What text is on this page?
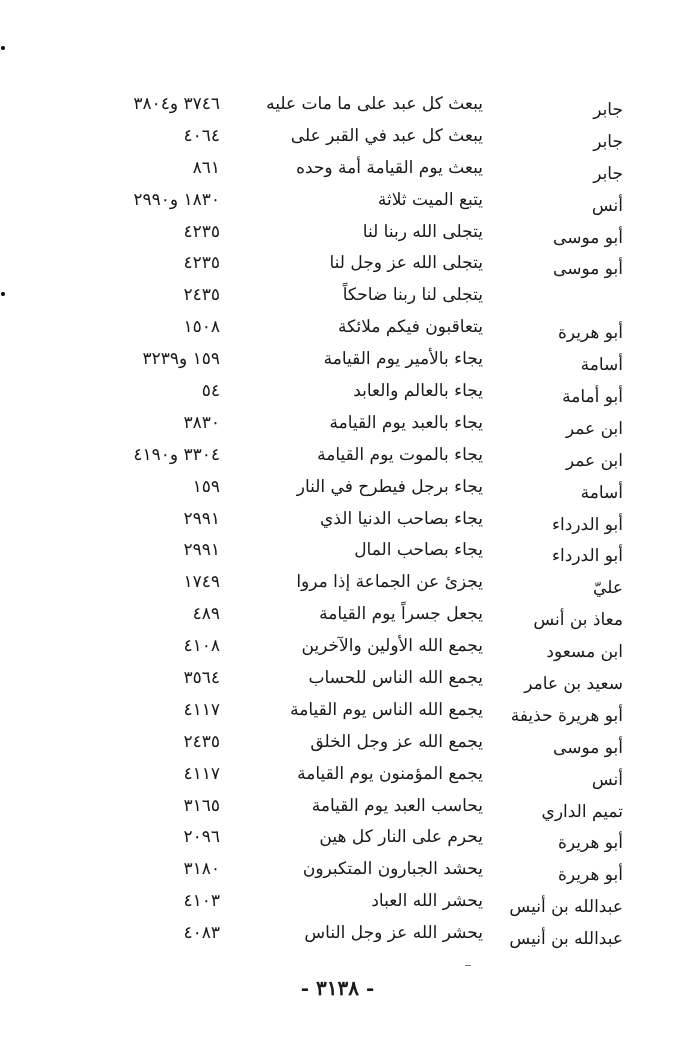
جابر
يبعث كل عبد على ما مات عليه
٣٧٤٦ و٣٨٠٤
جابر
يبعث كل عبد في القبر على
٤٠٦٤
جابر
يبعث يوم القيامة أمة وحده
٨٦١
أنس
يتبع الميت ثلاثة
١٨٣٠ و٢٩٩٠
أبو موسى
يتجلى الله ربنا لنا
٤٢٣٥
أبو موسى
يتجلى الله عز وجل لنا
٤٢٣٥
يتجلى لنا ربنا ضاحكاً
٢٤٣٥
أبو هريرة
يتعاقبون فيكم ملائكة
١٥٠٨
أسامة
يجاء بالأمير يوم القيامة
١٥٩ و٣٢٣٩
أبو أمامة
يجاء بالعالم والعابد
٥٤
ابن عمر
يجاء بالعبد يوم القيامة
٣٨٣٠
ابن عمر
يجاء بالموت يوم القيامة
٣٣٠٤ و٤١٩٠
أسامة
يجاء برجل فيطرح في النار
١٥٩
أبو الدرداء
يجاء بصاحب الدنيا الذي
٢٩٩١
أبو الدرداء
يجاء بصاحب المال
٢٩٩١
عليّ
يجزئ عن الجماعة إذا مروا
١٧٤٩
معاذ بن أنس
يجعل جسراً يوم القيامة
٤٨٩
ابن مسعود
يجمع الله الأولين والآخرين
٤١٠٨
سعيد بن عامر
يجمع الله الناس للحساب
٣٥٦٤
أبو هريرة حذيفة
يجمع الله الناس يوم القيامة
٤١١٧
أبو موسى
يجمع الله عز وجل الخلق
٢٤٣٥
أنس
يجمع المؤمنون يوم القيامة
٤١١٧
تميم الداري
يحاسب العبد يوم القيامة
٣١٦٥
أبو هريرة
يحرم على النار كل هين
٢٠٩٦
أبو هريرة
يحشد الجبارون المتكبرون
٣١٨٠
عبدالله بن أنيس
يحشر الله العباد
٤١٠٣
عبدالله بن أنيس
يحشر الله عز وجل الناس
٤٠٨٣
- ٣١٣٨ -
